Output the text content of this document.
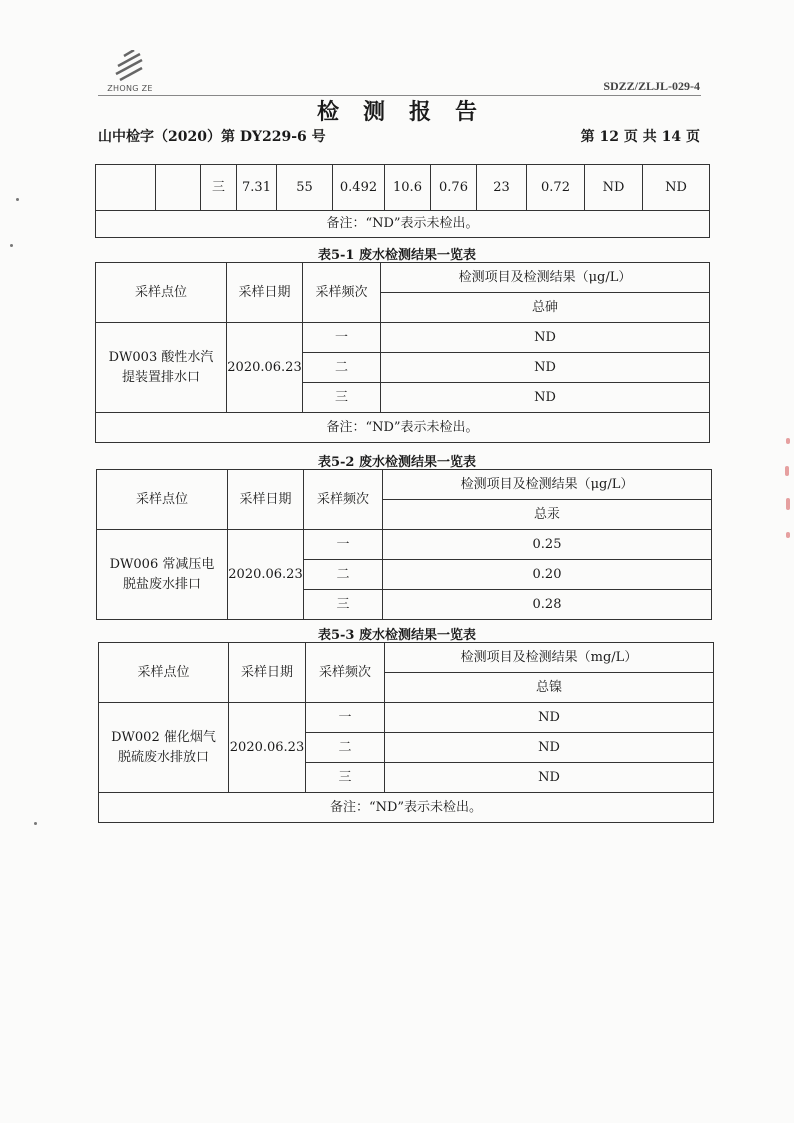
ZHONG ZE	SDZZ/ZLJL-029-4
检测报告
山中检字（2020）第 DY229-6 号	第 12 页 共 14 页
		三	7.31	55	0.492	10.6	0.76	23	0.72	ND	ND
备注：“ND”表示未检出。
表5-1 废水检测结果一览表
采样点位	采样日期	采样频次	检测项目及检测结果（μg/L）
			总砷
DW003 酸性水汽提装置排水口	2020.06.23	一	ND
		二	ND
		三	ND
备注：“ND”表示未检出。			
表5-2 废水检测结果一览表
采样点位	采样日期	采样频次	检测项目及检测结果（μg/L）
			总汞
DW006 常减压电脱盐废水排口	2020.06.23	一	0.25
		二	0.20
		三	0.28
表5-3 废水检测结果一览表
采样点位	采样日期	采样频次	检测项目及检测结果（mg/L）
			总镍
DW002 催化烟气脱硫废水排放口	2020.06.23	一	ND
		二	ND
		三	ND
备注：“ND”表示未检出。			
